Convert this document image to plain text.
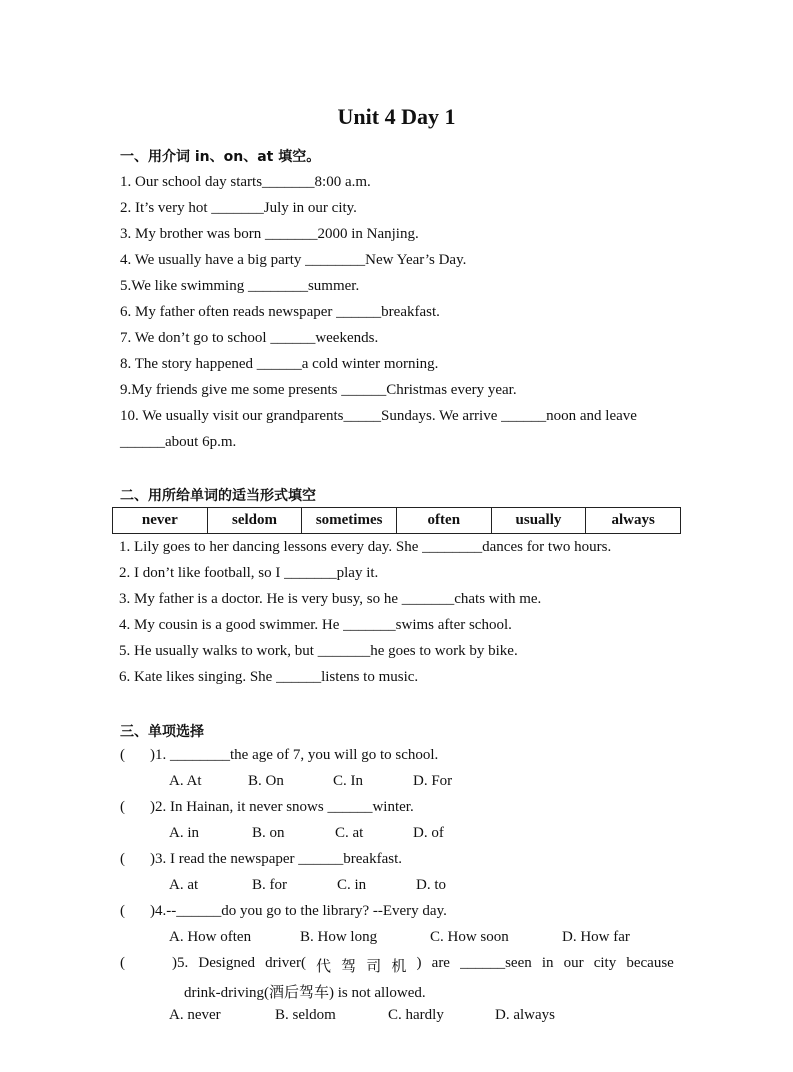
Unit 4 Day 1
一、用介词 in、on、at 填空。
1. Our school day starts_______8:00 a.m.
2. It’s very hot _______July in our city.
3. My brother was born _______2000 in Nanjing.
4. We usually have a big party ________New Year’s Day.
5.We like swimming ________summer.
6. My father often reads newspaper ______breakfast.
7. We don’t go to school ______weekends.
8. The story happened ______a cold winter morning.
9.My friends give me some presents ______Christmas every year.
10. We usually visit our grandparents_____Sundays. We arrive ______noon and leave
______about 6p.m.
二、用所给单词的适当形式填空
never	seldom	sometimes	often	usually	always
1. Lily goes to her dancing lessons every day. She ________dances for two hours.
2. I don’t like football, so I _______play it.
3. My father is a doctor. He is very busy, so he _______chats with me.
4. My cousin is a good swimmer. He _______swims after school.
5. He usually walks to work, but _______he goes to work by bike.
6. Kate likes singing. She ______listens to music.
三、单项选择
( )1. ________the age of 7, you will go to school.
A. At	B. On	C. In	D. For
( )2. In Hainan, it never snows ______winter.
A. in	B. on	C. at	D. of
( )3. I read the newspaper ______breakfast.
A. at	B. for	C. in	D. to
( )4.--______do you go to the library? --Every day.
A. How often	B. How long	C. How soon	D. How far
(	)5. Designed driver( 代 驾 司 机 ) are ______seen in our city because
drink-driving(酒后驾车) is not allowed.
A. never	B. seldom	C. hardly	D. always
